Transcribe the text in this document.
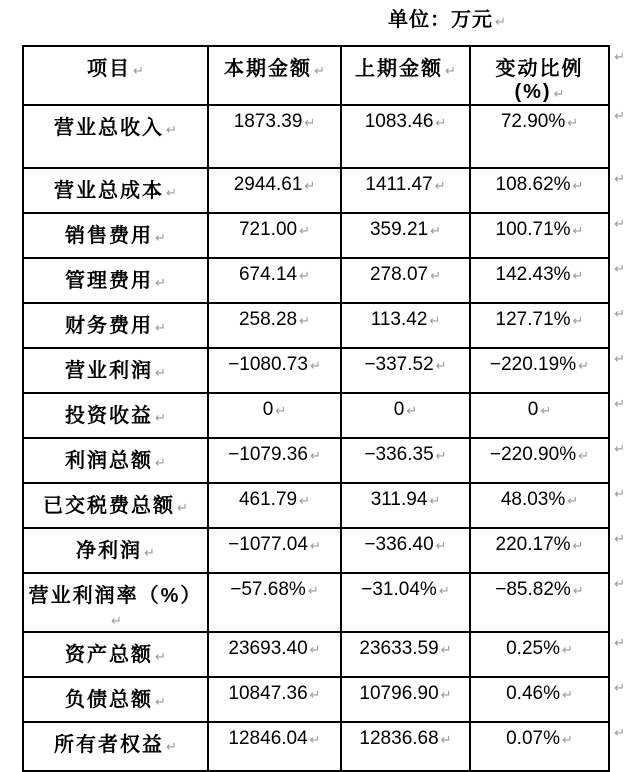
单位：万元 ↵
项目 ↵	本期金额 ↵	上期金额 ↵	变动比例(%) ↵
↵

营业总收入 ↵	1873.39 ↵	1083.46 ↵	72.90% ↵ ↵

营业总成本 ↵	2944.61 ↵	1411.47 ↵	108.62% ↵ ↵

销售费用 ↵	721.00 ↵	359.21 ↵	100.71% ↵ ↵

管理费用 ↵	674.14 ↵	278.07 ↵	142.43% ↵ ↵

财务费用 ↵	258.28 ↵	113.42 ↵	127.71% ↵ ↵

营业利润 ↵	−1080.73 ↵	−337.52 ↵	−220.19% ↵ ↵

投资收益 ↵	0 ↵	0 ↵	0 ↵ ↵

利润总额 ↵	−1079.36 ↵	−336.35 ↵	−220.90% ↵ ↵

已交税费总额 ↵	461.79 ↵	311.94 ↵	48.03% ↵ ↵

净利润 ↵	−1077.04 ↵	−336.40 ↵	220.17% ↵ ↵

营业利润率（%）↵	−57.68% ↵	−31.04% ↵	−85.82% ↵ ↵

资产总额 ↵	23693.40 ↵	23633.59 ↵	0.25% ↵ ↵

负债总额 ↵	10847.36 ↵	10796.90 ↵	0.46% ↵ ↵

所有者权益 ↵	12846.04 ↵	12836.68 ↵	0.07% ↵ ↵
